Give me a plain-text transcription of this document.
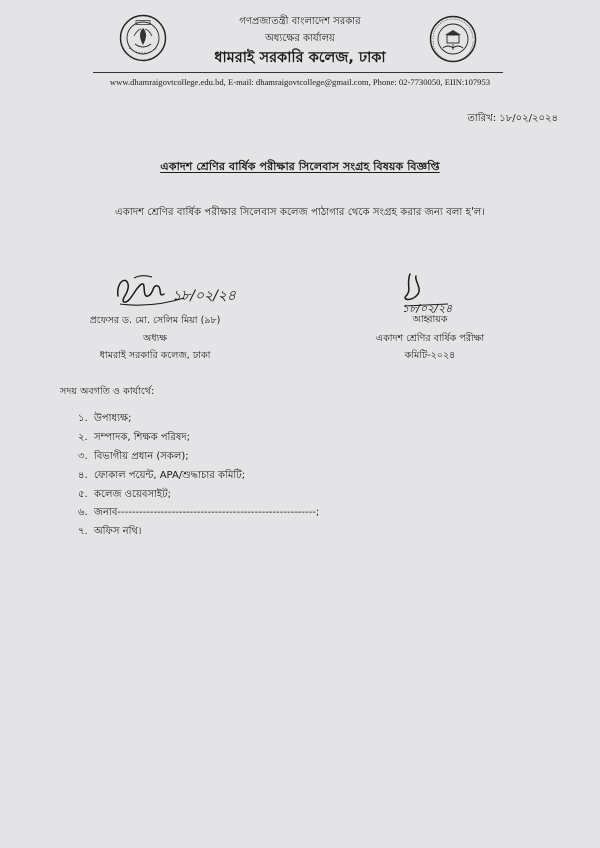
গণপ্রজাতন্ত্রী বাংলাদেশ সরকার
অধ্যক্ষের কার্যালয়
ধামরাই সরকারি কলেজ, ঢাকা
www.dhamraigovtcollege.edu.bd, E-mail: dhamraigovtcollege@gmail.com, Phone: 02-7730050, EIIN:107953
তারিখ: ১৮/০২/২০২৪
একাদশ শ্রেণির বার্ষিক পরীক্ষার সিলেবাস সংগ্রহ বিষয়ক বিজ্ঞপ্তি
একাদশ শ্রেণির বার্ষিক পরীক্ষার সিলেবাস কলেজ পাঠাগার থেকে সংগ্রহ করার জন্য বলা হ'ল।
১৮/০২/২৪
১৮/০২/২৪
প্রফেসর ড. মো. সেলিম মিয়া (৯৮)
অধ্যক্ষ
ধামরাই সরকারি কলেজ, ঢাকা
আহ্বায়ক
একাদশ শ্রেণির বার্ষিক পরীক্ষা
কমিটি-২০২৪
সদয় অবগতি ও কার্যার্থে:
১. উপাধ্যক্ষ;
২. সম্পাদক, শিক্ষক পরিষদ;
৩. বিভাগীয় প্রধান (সকল);
৪. ফোকাল পয়েন্ট, APA/শুদ্ধাচার কমিটি;
৫. কলেজ ওয়েবসাইট;
৬. জনাব-------------------------------------------------------;
৭. অফিস নথি।
